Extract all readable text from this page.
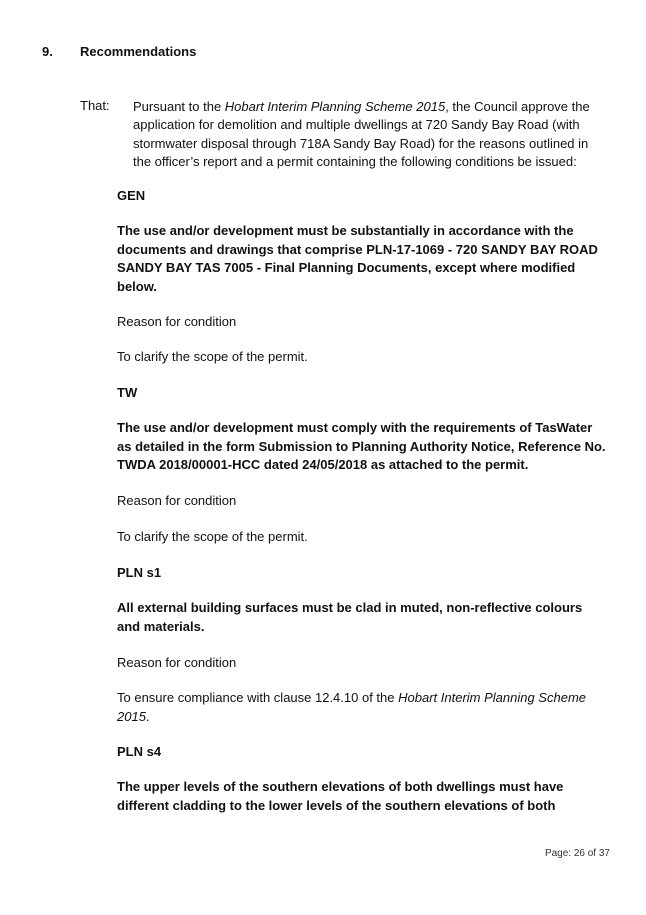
9. Recommendations
That: Pursuant to the Hobart Interim Planning Scheme 2015, the Council approve the application for demolition and multiple dwellings at 720 Sandy Bay Road (with stormwater disposal through 718A Sandy Bay Road) for the reasons outlined in the officer’s report and a permit containing the following conditions be issued:
GEN
The use and/or development must be substantially in accordance with the documents and drawings that comprise PLN-17-1069 - 720 SANDY BAY ROAD SANDY BAY TAS 7005 - Final Planning Documents, except where modified below.
Reason for condition
To clarify the scope of the permit.
TW
The use and/or development must comply with the requirements of TasWater as detailed in the form Submission to Planning Authority Notice, Reference No. TWDA 2018/00001-HCC dated 24/05/2018 as attached to the permit.
Reason for condition
To clarify the scope of the permit.
PLN s1
All external building surfaces must be clad in muted, non-reflective colours and materials.
Reason for condition
To ensure compliance with clause 12.4.10 of the Hobart Interim Planning Scheme 2015.
PLN s4
The upper levels of the southern elevations of both dwellings must have different cladding to the lower levels of the southern elevations of both
Page: 26 of 37
